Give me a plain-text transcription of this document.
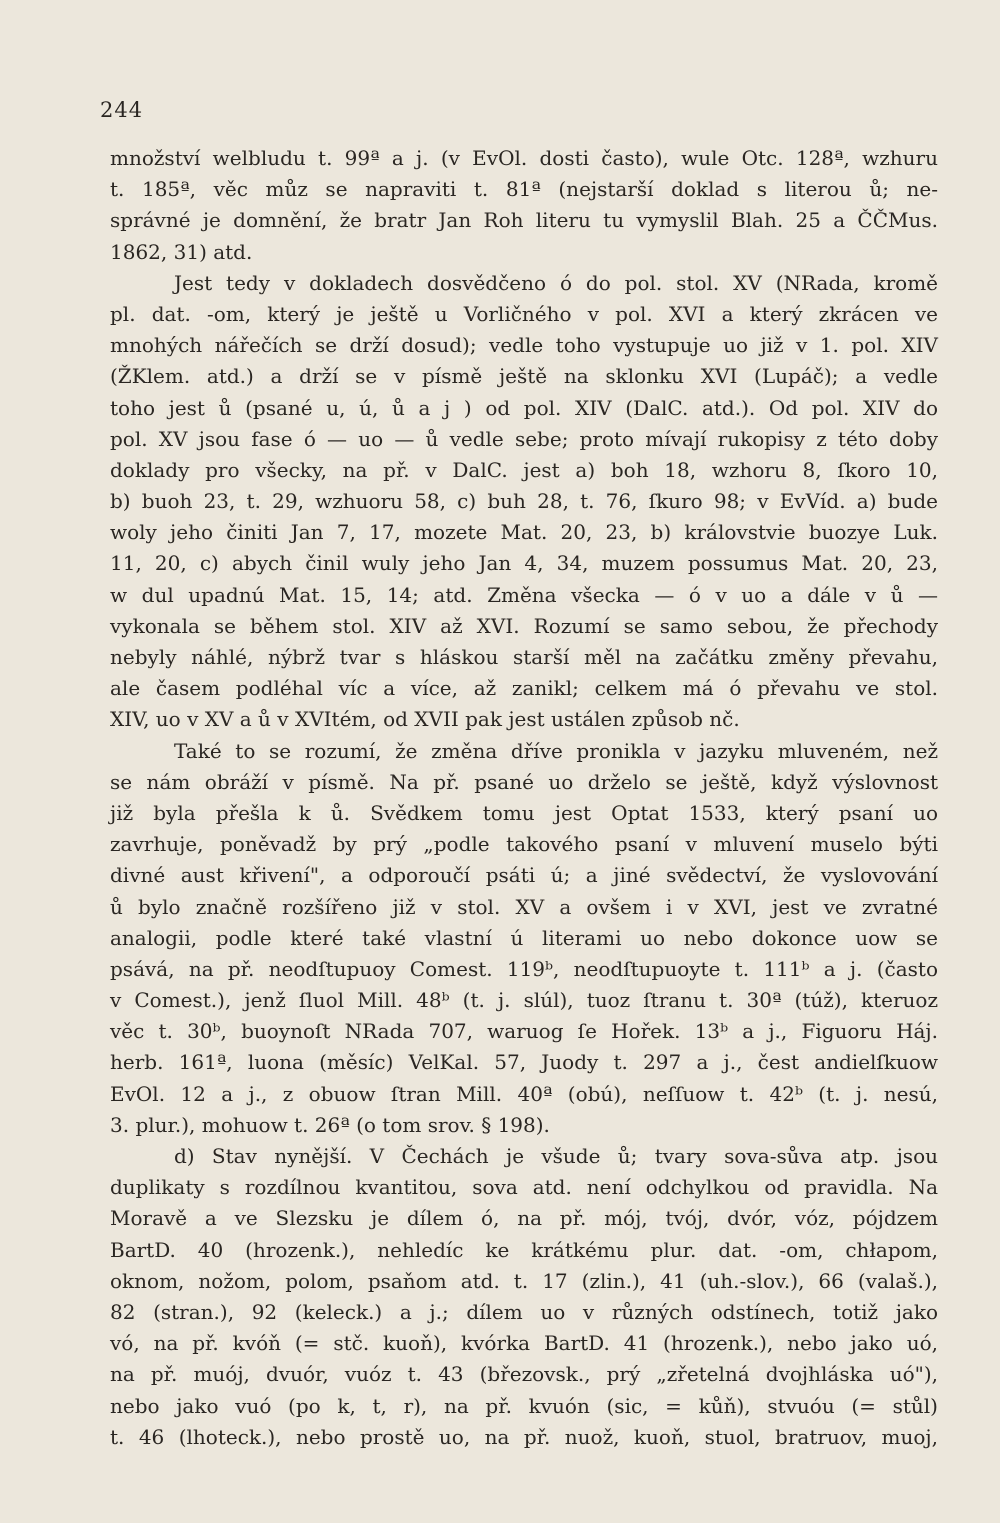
244
množství welbludu t. 99ª a j. (v EvOl. dosti často), wule Otc. 128ª, wzhuru
t. 185ª, věc můz se napraviti t. 81ª (nejstarší doklad s literou ů; ne-
správné je domnění, že bratr Jan Roh literu tu vymyslil Blah. 25 a ČČMus.
1862, 31) atd.
Jest tedy v dokladech dosvědčeno ó do pol. stol. XV (NRada, kromě
pl. dat. -om, který je ještě u Vorličného v pol. XVI a který zkrácen ve
mnohých nářečích se drží dosud); vedle toho vystupuje uo již v 1. pol. XIV
(ŽKlem. atd.) a drží se v písmě ještě na sklonku XVI (Lupáč); a vedle
toho jest ů (psané u, ú, ů a j ) od pol. XIV (DalC. atd.). Od pol. XIV do
pol. XV jsou fase ó — uo — ů vedle sebe; proto mívají rukopisy z této doby
doklady pro všecky, na př. v DalC. jest a) boh 18, wzhoru 8, ſkoro 10,
b) buoh 23, t. 29, wzhuoru 58, c) buh 28, t. 76, ſkuro 98; v EvVíd. a) bude
woly jeho činiti Jan 7, 17, mozete Mat. 20, 23, b) královstvie buozye Luk.
11, 20, c) abych činil wuly jeho Jan 4, 34, muzem possumus Mat. 20, 23,
w dul upadnú Mat. 15, 14; atd. Změna všecka — ó v uo a dále v ů —
vykonala se během stol. XIV až XVI. Rozumí se samo sebou, že přechody
nebyly náhlé, nýbrž tvar s hláskou starší měl na začátku změny převahu,
ale časem podléhal víc a více, až zanikl; celkem má ó převahu ve stol.
XIV, uo v XV a ů v XVItém, od XVII pak jest ustálen způsob nč.
Také to se rozumí, že změna dříve pronikla v jazyku mluveném, než
se nám obráží v písmě. Na př. psané uo drželo se ještě, když výslovnost
již byla přešla k ů. Svědkem tomu jest Optat 1533, který psaní uo
zavrhuje, poněvadž by prý „podle takového psaní v mluvení muselo býti
divné aust křivení", a odporoučí psáti ú; a jiné svědectví, že vyslovování
ů bylo značně rozšířeno již v stol. XV a ovšem i v XVI, jest ve zvratné
analogii, podle které také vlastní ú literami uo nebo dokonce uow se
psává, na př. neodſtupuoy Comest. 119ᵇ, neodſtupuoyte t. 111ᵇ a j. (často
v Comest.), jenž ſluol Mill. 48ᵇ (t. j. slúl), tuoz ſtranu t. 30ª (túž), kteruoz
věc t. 30ᵇ, buoynoſt NRada 707, waruog ſe Hořek. 13ᵇ a j., Figuoru Háj.
herb. 161ª, luona (měsíc) VelKal. 57, Juody t. 297 a j., čest andielſkuow
EvOl. 12 a j., z obuow ſtran Mill. 40ª (obú), neſſuow t. 42ᵇ (t. j. nesú,
3. plur.), mohuow t. 26ª (o tom srov. § 198).
d) Stav nynější. V Čechách je všude ů; tvary sova-sůva atp. jsou
duplikaty s rozdílnou kvantitou, sova atd. není odchylkou od pravidla. Na
Moravě a ve Slezsku je dílem ó, na př. mój, tvój, dvór, vóz, pójdzem
BartD. 40 (hrozenk.), nehledíc ke krátkému plur. dat. -om, chłapom,
oknom, nožom, polom, psaňom atd. t. 17 (zlin.), 41 (uh.-slov.), 66 (valaš.),
82 (stran.), 92 (keleck.) a j.; dílem uo v různých odstínech, totiž jako
vó, na př. kvóň (= stč. kuoň), kvórka BartD. 41 (hrozenk.), nebo jako uó,
na př. muój, dvuór, vuóz t. 43 (březovsk., prý „zřetelná dvojhláska uó"),
nebo jako vuó (po k, t, r), na př. kvuón (sic, = kůň), stvuóu (= stůl)
t. 46 (lhoteck.), nebo prostě uo, na př. nuož, kuoň, stuol, bratruov, muoj,
